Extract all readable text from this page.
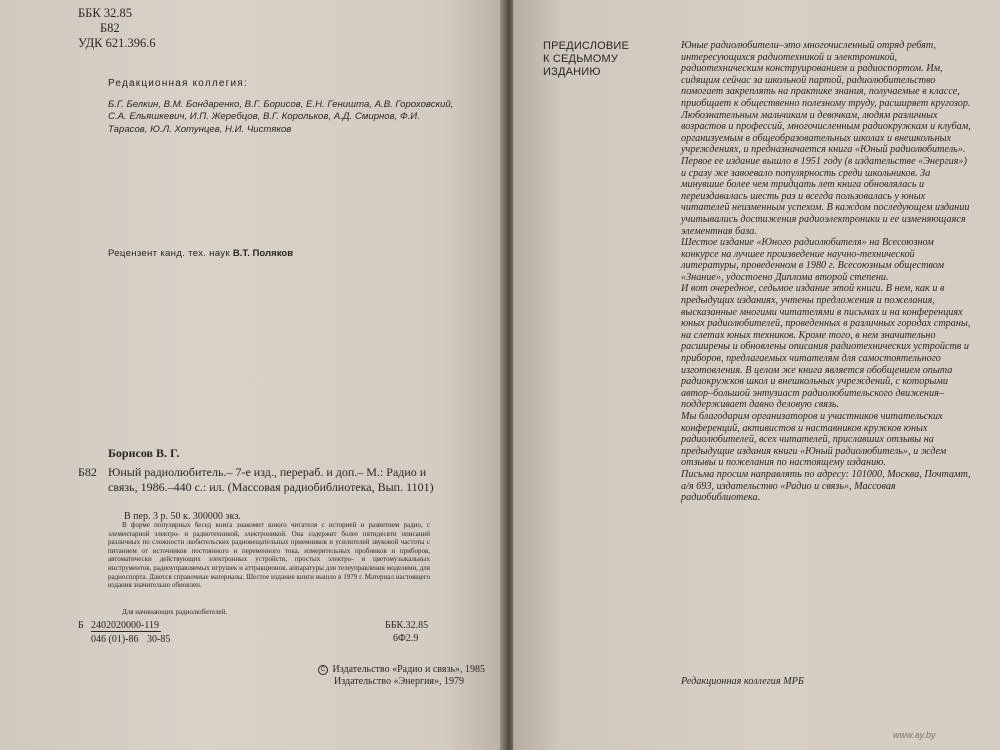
ББК 32.85
Б82
УДК 621.396.6
Редакционная коллегия:
Б.Г. Белкин, В.М. Бондаренко, В.Г. Борисов, Е.Н. Геништа, А.В. Гороховский, С.А. Ельяшкевич, И.П. Жеребцов, В.Г. Корольков, А.Д. Смирнов, Ф.И. Тарасов, Ю.Л. Хотунцев, Н.И. Чистяков
Рецензент канд. тех. наук В.Т. Поляков
Борисов В. Г.
Б82 Юный радиолюбитель.– 7-е изд., перераб. и доп.– М.: Радио и связь, 1986.–440 с.: ил. (Массовая радиобиблиотека, Вып. 1101)
В пер. 3 р. 50 к. 300000 экз.
В форме популярных бесед книга знакомит юного читателя с историей и развитием радио, с элементарной электро- и радиотехникой, электроникой. Она содержит более пятидесяти описаний различных по сложности любительских радиовещательных приемников и усилителей звуковой частоты с питанием от источников постоянного и переменного тока, измерительных пробников и приборов, автоматически действующих электронных устройств, простых электро- и цветомузыкальных инструментов, радиоуправляемых игрушек и аттракционов, аппаратуры для телеуправления моделями, для радиоспорта. Даются справочные материалы. Шестое издание книги вышло в 1979 г. Материал настоящего издания значительно обновлен.
Для начинающих радиолюбителей.
Б 2402020000-119
046 (01)-86 30-85
ББК.32.85
6Ф2.9
C Издательство «Радио и связь», 1985
Издательство «Энергия», 1979
ПРЕДИСЛОВИЕ
К СЕДЬМОМУ
ИЗДАНИЮ

Юные радиолюбители–это многочисленный отряд ребят, интересующихся радиотехникой и электроникой, радиотехническим конструированием и радиоспортом. Им, сидящим сейчас за школьной партой, радиолюбительство помогает закреплять на практике знания, получаемые в классе, приобщает к общественно полезному труду, расширяет кругозор.

Любознательным мальчикам и девочкам, людям различных возрастов и профессий, многочисленным радиокружкам и клубам, организуемым в общеобразовательных школах и внешкольных учреждениях, и предназначается книга «Юный радиолюбитель».

Первое ее издание вышло в 1951 году (в издательстве «Энергия») и сразу же завоевало популярность среди школьников. За минувшие более чем тридцать лет книга обновлялась и переиздавалась шесть раз и всегда пользовалась у юных читателей неизменным успехом. В каждом последующем издании учитывались достижения радиоэлектроники и ее изменяющаяся элементная база.

Шестое издание «Юного радиолюбителя» на Всесоюзном конкурсе на лучшее произведение научно-технической литературы, проведенном в 1980 г. Всесоюзным обществом «Знание», удостоено Диплома второй степени.

И вот очередное, седьмое издание этой книги. В нем, как и в предыдущих изданиях, учтены предложения и пожелания, высказанные многими читателями в письмах и на конференциях юных радиолюбителей, проведенных в различных городах страны, на слетах юных техников. Кроме того, в нем значительно расширены и обновлены описания радиотехнических устройств и приборов, предлагаемых читателям для самостоятельного изготовления. В целом же книга является обобщением опыта радиокружков школ и внешкольных учреждений, с которыми автор–большой энтузиаст радиолюбительского движения–поддерживает давно деловую связь.

Мы благодарим организаторов и участников читательских конференций, активистов и наставников кружков юных радиолюбителей, всех читателей, приславших отзывы на предыдущие издания книги «Юный радиолюбитель», и ждем отзывы и пожелания по настоящему изданию.

Письма просим направлять по адресу: 101000, Москва, Почтамт, а/я 693, издательство «Радио и связь», Массовая радиобиблиотека.

Редакционная коллегия МРБ
www.ay.by
